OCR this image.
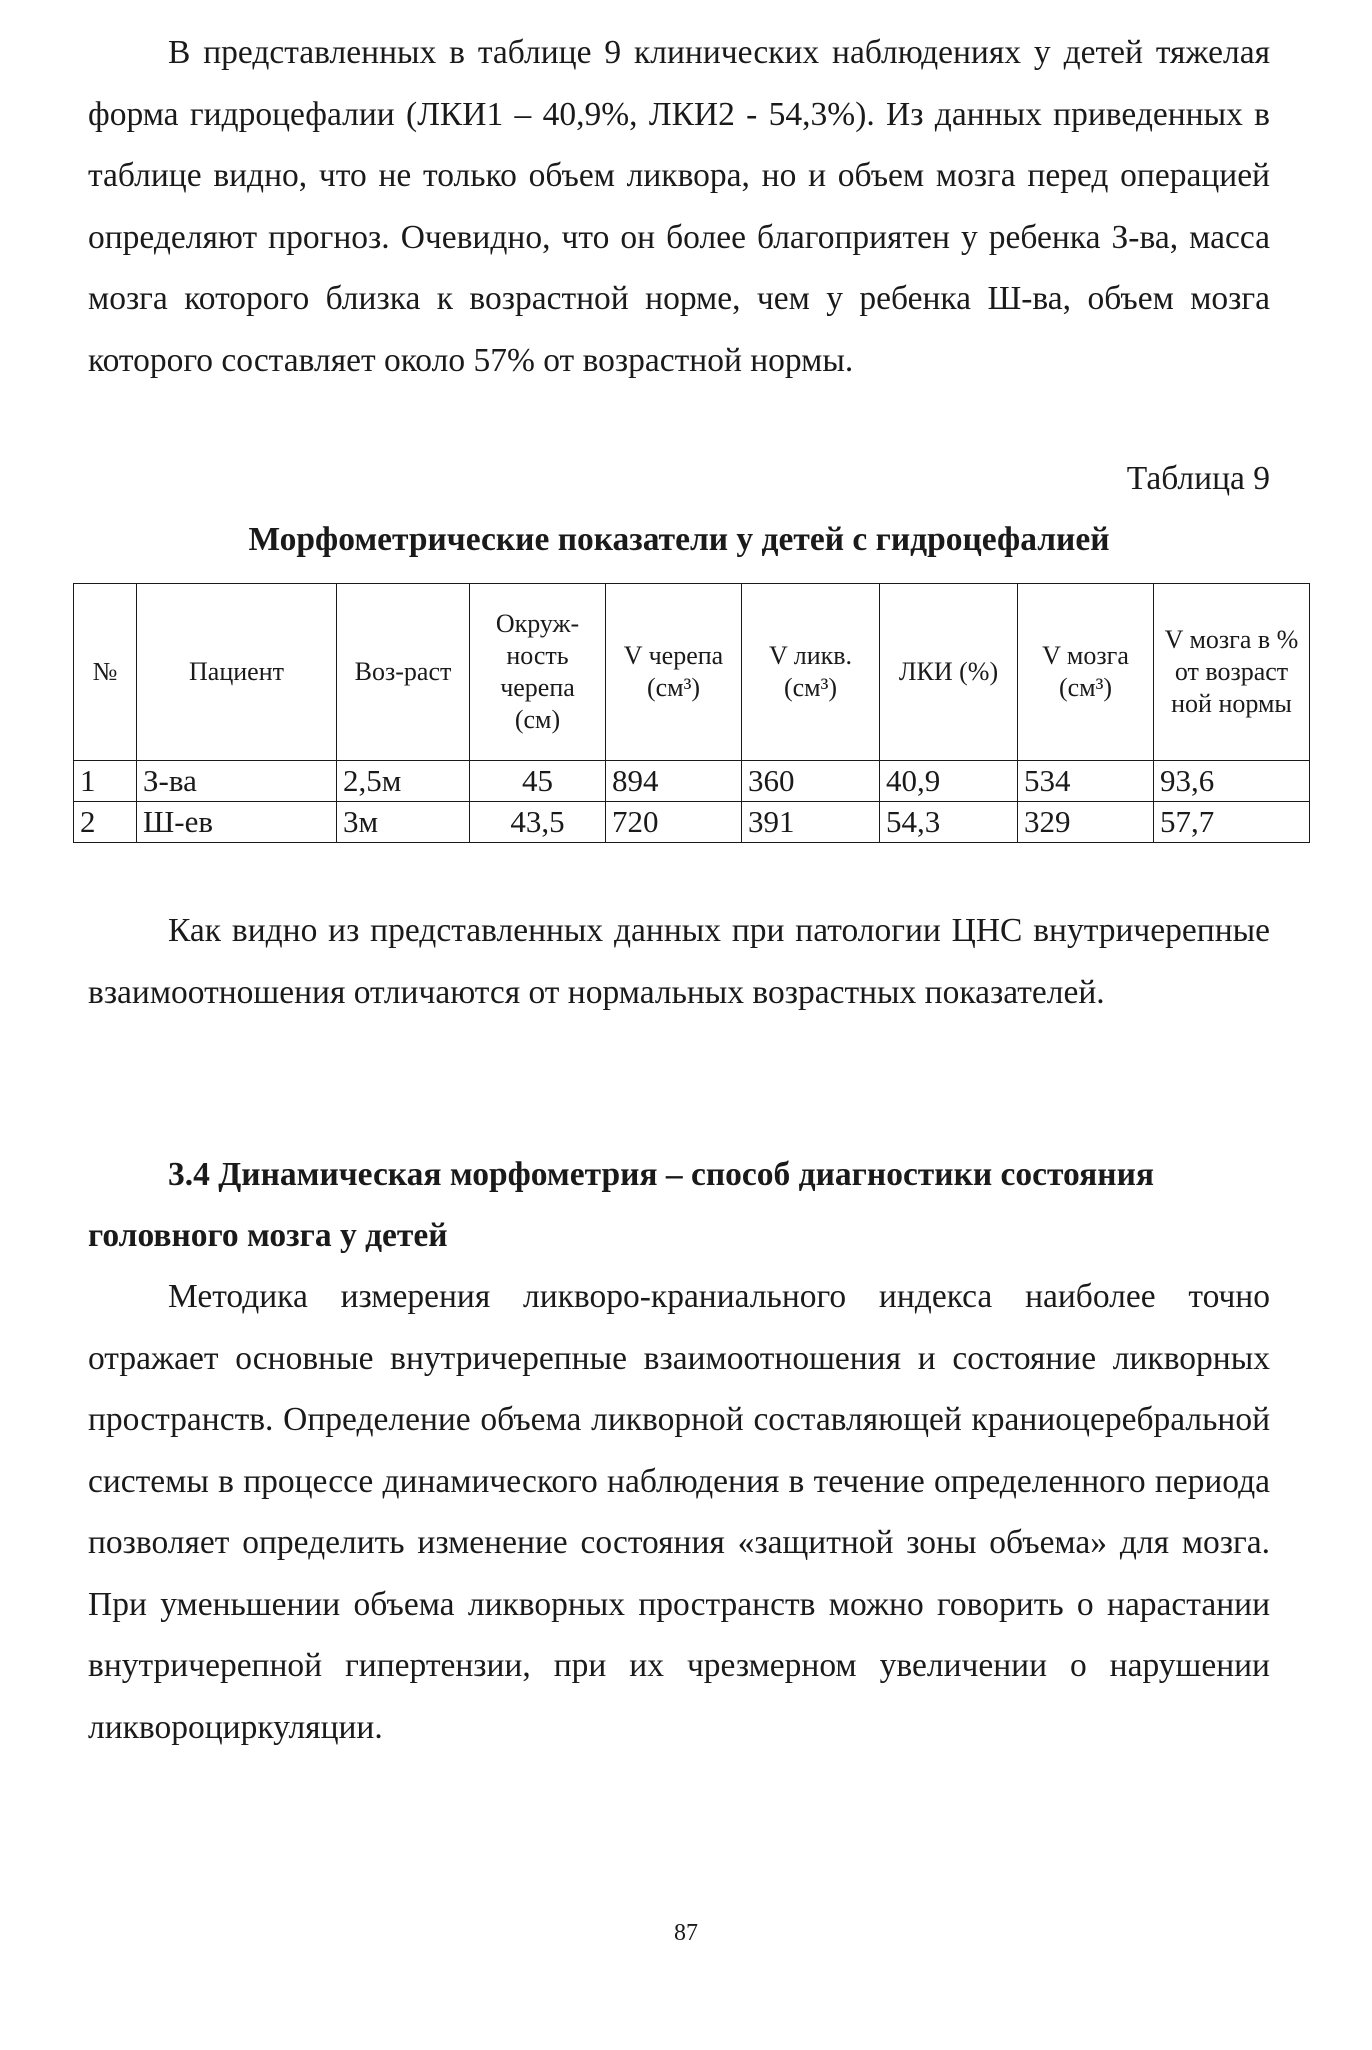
В представленных в таблице 9 клинических наблюдениях у детей тяжелая форма гидроцефалии (ЛКИ1 – 40,9%, ЛКИ2 - 54,3%). Из данных приведенных в таблице видно, что не только объем ликвора, но и объем мозга перед операцией определяют прогноз. Очевидно, что он более благоприятен у ребенка З-ва, масса мозга которого близка к возрастной норме, чем у ребенка Ш-ва, объем мозга которого составляет около 57% от возрастной нормы.

Таблица 9
Морфометрические показатели у детей с гидроцефалией
№	Пациент	Воз-раст	Окруж-ность черепа (см)	V черепа (см³)	V ликв. (см³)	ЛКИ (%)	V мозга (см³)	V мозга в % от возраст ной нормы
1	З-ва	2,5м	45	894	360	40,9	534	93,6
2	Ш-ев	3м	43,5	720	391	54,3	329	57,7

Как видно из представленных данных при патологии ЦНС внутричерепные взаимоотношения отличаются от нормальных возрастных показателей.

3.4 Динамическая морфометрия – способ диагностики состояния головного мозга у детей

Методика измерения ликворо-краниального индекса наиболее точно отражает основные внутричерепные взаимоотношения и состояние ликворных пространств. Определение объема ликворной составляющей краниоцеребральной системы в процессе динамического наблюдения в течение определенного периода позволяет определить изменение состояния «защитной зоны объема» для мозга. При уменьшении объема ликворных пространств можно говорить о нарастании внутричерепной гипертензии, при их чрезмерном увеличении о нарушении ликвороциркуляции.

87
